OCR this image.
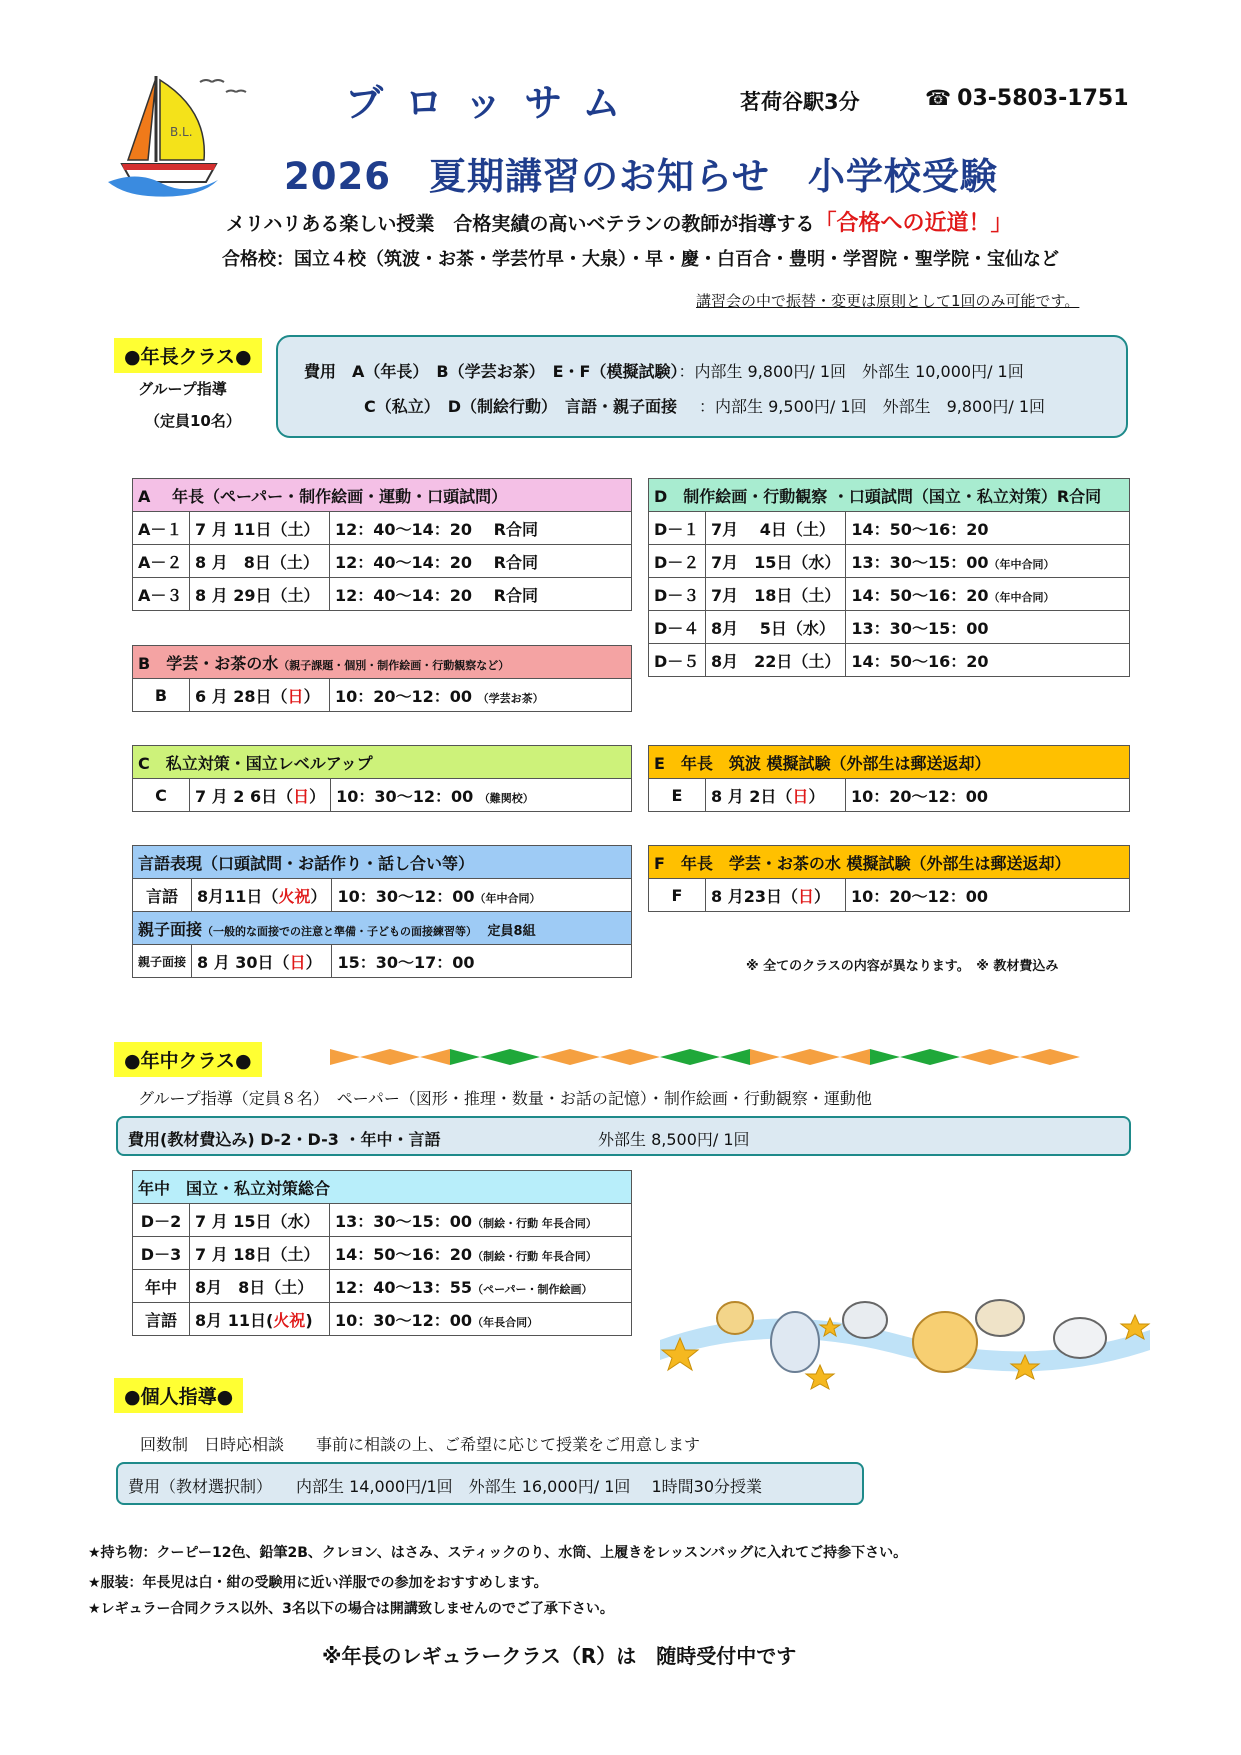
B.L.
ブロッサム	茗荷谷駅3分	☎ 03-5803-1751
2026　夏期講習のお知らせ　小学校受験
メリハリある楽しい授業　合格実績の高いベテランの教師が指導する「合格への近道！」
合格校：国立４校（筑波・お茶・学芸竹早・大泉）・早・慶・白百合・豊明・学習院・聖学院・宝仙など
講習会の中で振替・変更は原則として1回のみ可能です。
●年長クラス●
グループ指導
（定員10名）
費用　A（年長）　B（学芸お茶）　E・F（模擬試験）：内部生 9,800円/ 1回　外部生 10,000円/ 1回
C（私立）　D（制絵行動）　言語・親子面接 ：内部生 9,500円/ 1回　外部生　9,800円/ 1回
A　 年長（ペーパー・制作絵画・運動・口頭試問）		
A－１	7 月 11日（土）	12：40～14：20　 R合同
A－２	8 月　8日（土）	12：40～14：20　 R合同
A－３	8 月 29日（土）	12：40～14：20　 R合同
B　学芸・お茶の水（親子課題・個別・制作絵画・行動観察など）
B	6 月 28日（日）	10：20～12：00 （学芸お茶）
D　制作絵画・行動観察 ・口頭試問（国立・私立対策）R合同		
D－１	7月　 4日（土）	14：50～16：20
D－２	7月　15日（水）	13：30～15：00（年中合同）
D－３	7月　18日（土）	14：50～16：20（年中合同）
D－４	8月　 5日（水）	13：30～15：00
D－５	8月　22日（土）	14：50～16：20
C　私立対策・国立レベルアップ
C	7 月 2 6日（日）	10：30～12：00 （難関校）
E　年長　筑波 模擬試験（外部生は郵送返却）
E	8 月 2日（日）	10：20～12：00
言語表現（口頭試問・お話作り・話し合い等）		
言語	8月11日（火祝）	10：30～12：00（年中合同）
親子面接（一般的な面接での注意と準備・子どもの面接練習等）　 定員8組		
親子面接	8 月 30日（日）	15：30～17：00
F　年長　学芸・お茶の水 模擬試験（外部生は郵送返却）
F	8 月23日（日）	10：20～12：00
※ 全てのクラスの内容が異なります。　※ 教材費込み
●年中クラス●
グループ指導（定員８名）　ペーパー（図形・推理・数量・お話の記憶）・制作絵画・行動観察・運動他
費用(教材費込み) D-2・D-3 ・年中・言語	外部生 8,500円/ 1回
年中　国立・私立対策総合		
D－2	7 月 15日（水）	13：30～15：00（制絵・行動 年長合同）
D－3	7 月 18日（土）	14：50～16：20（制絵・行動 年長合同）
年中	8月　8日（土）	12：40～13：55（ペーパー・制作絵画）
言語	8月 11日(火祝)	10：30～12：00（年長合同）
●個人指導●
回数制　日時応相談　　事前に相談の上、ご希望に応じて授業をご用意します
費用（教材選択制）　　内部生 14,000円/1回　外部生 16,000円/ 1回　 1時間30分授業
★持ち物：クーピー12色、鉛筆2B、クレヨン、はさみ、スティックのり、水筒、上履きをレッスンバッグに入れてご持参下さい。
★服装：年長児は白・紺の受験用に近い洋服での参加をおすすめします。
★レギュラー合同クラス以外、3名以下の場合は開講致しませんのでご了承下さい。
※年長のレギュラークラス（R）は　随時受付中です
